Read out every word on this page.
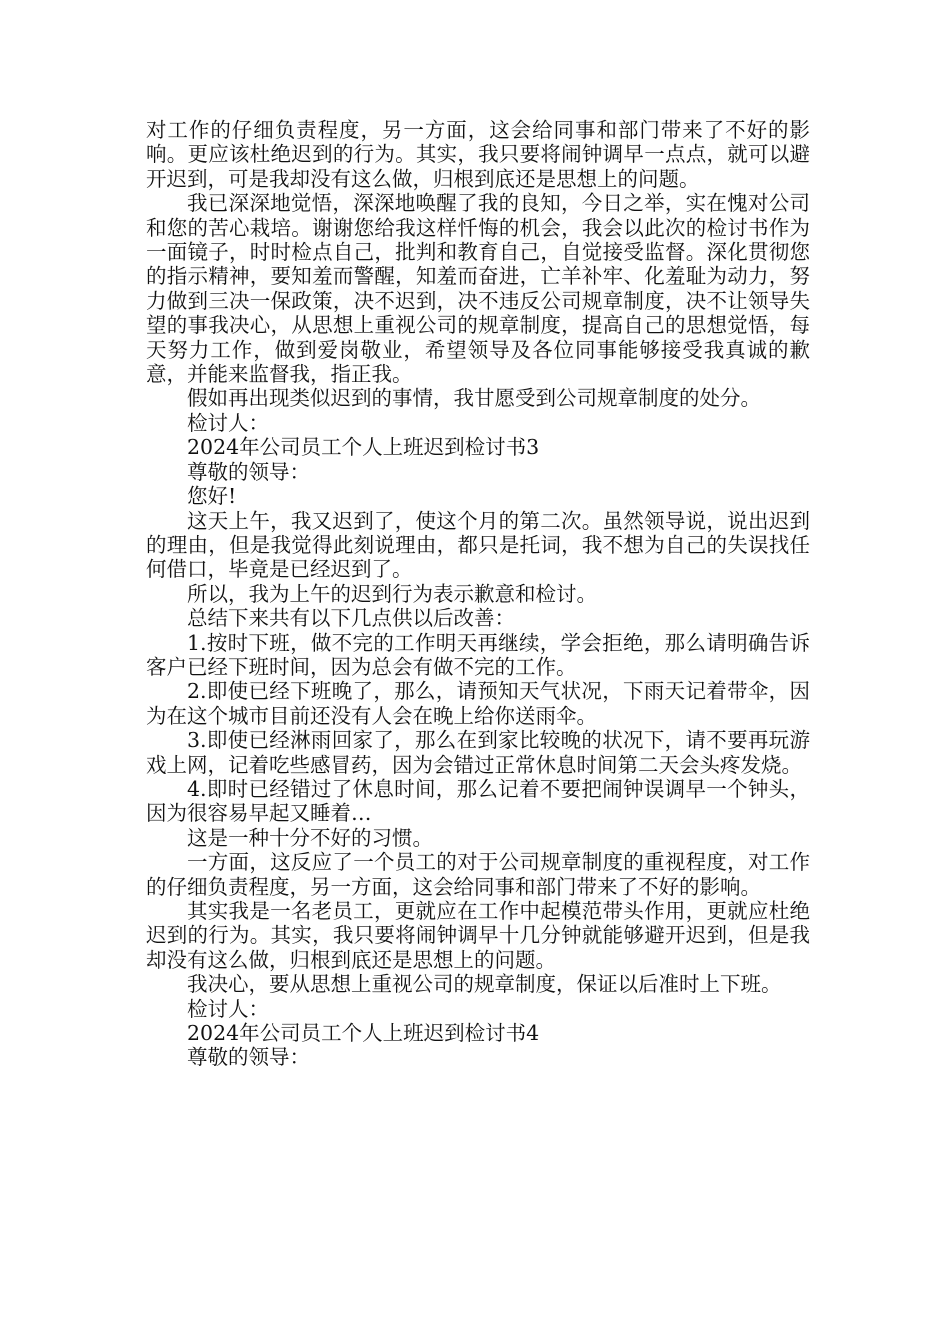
对工作的仔细负责程度，另一方面，这会给同事和部门带来了不好的影响。更应该杜绝迟到的行为。其实，我只要将闹钟调早一点点，就可以避开迟到，可是我却没有这么做，归根到底还是思想上的问题。

我已深深地觉悟，深深地唤醒了我的良知，今日之举，实在愧对公司和您的苦心栽培。谢谢您给我这样忏悔的机会，我会以此次的检讨书作为一面镜子，时时检点自己，批判和教育自己，自觉接受监督。深化贯彻您的指示精神，要知羞而警醒，知羞而奋进，亡羊补牢、化羞耻为动力，努力做到三决一保政策，决不迟到，决不违反公司规章制度，决不让领导失望的事我决心，从思想上重视公司的规章制度，提高自己的思想觉悟，每天努力工作，做到爱岗敬业，希望领导及各位同事能够接受我真诚的歉意，并能来监督我，指正我。

假如再出现类似迟到的事情，我甘愿受到公司规章制度的处分。

检讨人：

2024年公司员工个人上班迟到检讨书3

尊敬的领导：

您好!

这天上午，我又迟到了，使这个月的第二次。虽然领导说，说出迟到的理由，但是我觉得此刻说理由，都只是托词，我不想为自己的失误找任何借口，毕竟是已经迟到了。

所以，我为上午的迟到行为表示歉意和检讨。

总结下来共有以下几点供以后改善：

1.按时下班，做不完的工作明天再继续，学会拒绝，那么请明确告诉客户已经下班时间，因为总会有做不完的工作。

2.即使已经下班晚了，那么，请预知天气状况，下雨天记着带伞，因为在这个城市目前还没有人会在晚上给你送雨伞。

3.即使已经淋雨回家了，那么在到家比较晚的状况下，请不要再玩游戏上网，记着吃些感冒药，因为会错过正常休息时间第二天会头疼发烧。

4.即时已经错过了休息时间，那么记着不要把闹钟误调早一个钟头，因为很容易早起又睡着…

这是一种十分不好的习惯。

一方面，这反应了一个员工的对于公司规章制度的重视程度，对工作的仔细负责程度，另一方面，这会给同事和部门带来了不好的影响。

其实我是一名老员工，更就应在工作中起模范带头作用，更就应杜绝迟到的行为。其实，我只要将闹钟调早十几分钟就能够避开迟到，但是我却没有这么做，归根到底还是思想上的问题。

我决心，要从思想上重视公司的规章制度，保证以后准时上下班。

检讨人：

2024年公司员工个人上班迟到检讨书4

尊敬的领导：
